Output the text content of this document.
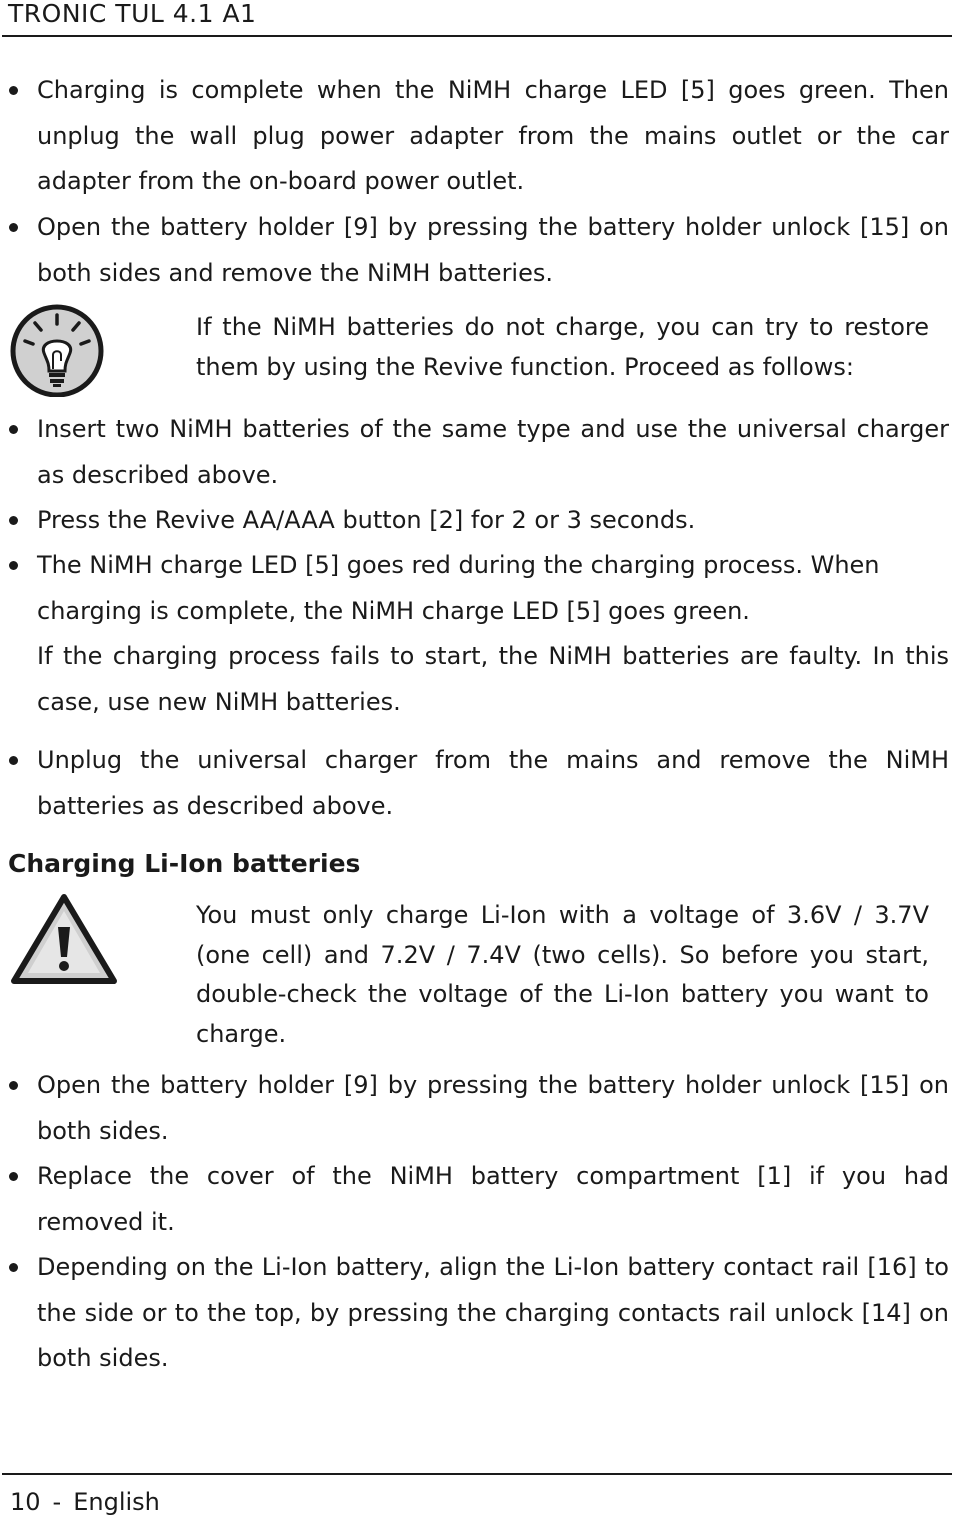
TRONIC TUL 4.1 A1

Charging is complete when the NiMH charge LED [5] goes green. Then unplug the wall plug power adapter from the mains outlet or the car adapter from the on-board power outlet.

Open the battery holder [9] by pressing the battery holder unlock [15] on both sides and remove the NiMH batteries.

If the NiMH batteries do not charge, you can try to restore them by using the Revive function. Proceed as follows:

Insert two NiMH batteries of the same type and use the universal charger as described above.

Press the Revive AA/AAA button [2] for 2 or 3 seconds.

The NiMH charge LED [5] goes red during the charging process. When charging is complete, the NiMH charge LED [5] goes green.

If the charging process fails to start, the NiMH batteries are faulty. In this case, use new NiMH batteries.

Unplug the universal charger from the mains and remove the NiMH batteries as described above.

Charging Li-Ion batteries
You must only charge Li-Ion with a voltage of 3.6V / 3.7V (one cell) and 7.2V / 7.4V (two cells). So before you start, double-check the voltage of the Li-Ion battery you want to charge.

Open the battery holder [9] by pressing the battery holder unlock [15] on both sides.

Replace the cover of the NiMH battery compartment [1] if you had removed it.

Depending on the Li-Ion battery, align the Li-Ion battery contact rail [16] to the side or to the top, by pressing the charging contacts rail unlock [14] on both sides.

10 - English
